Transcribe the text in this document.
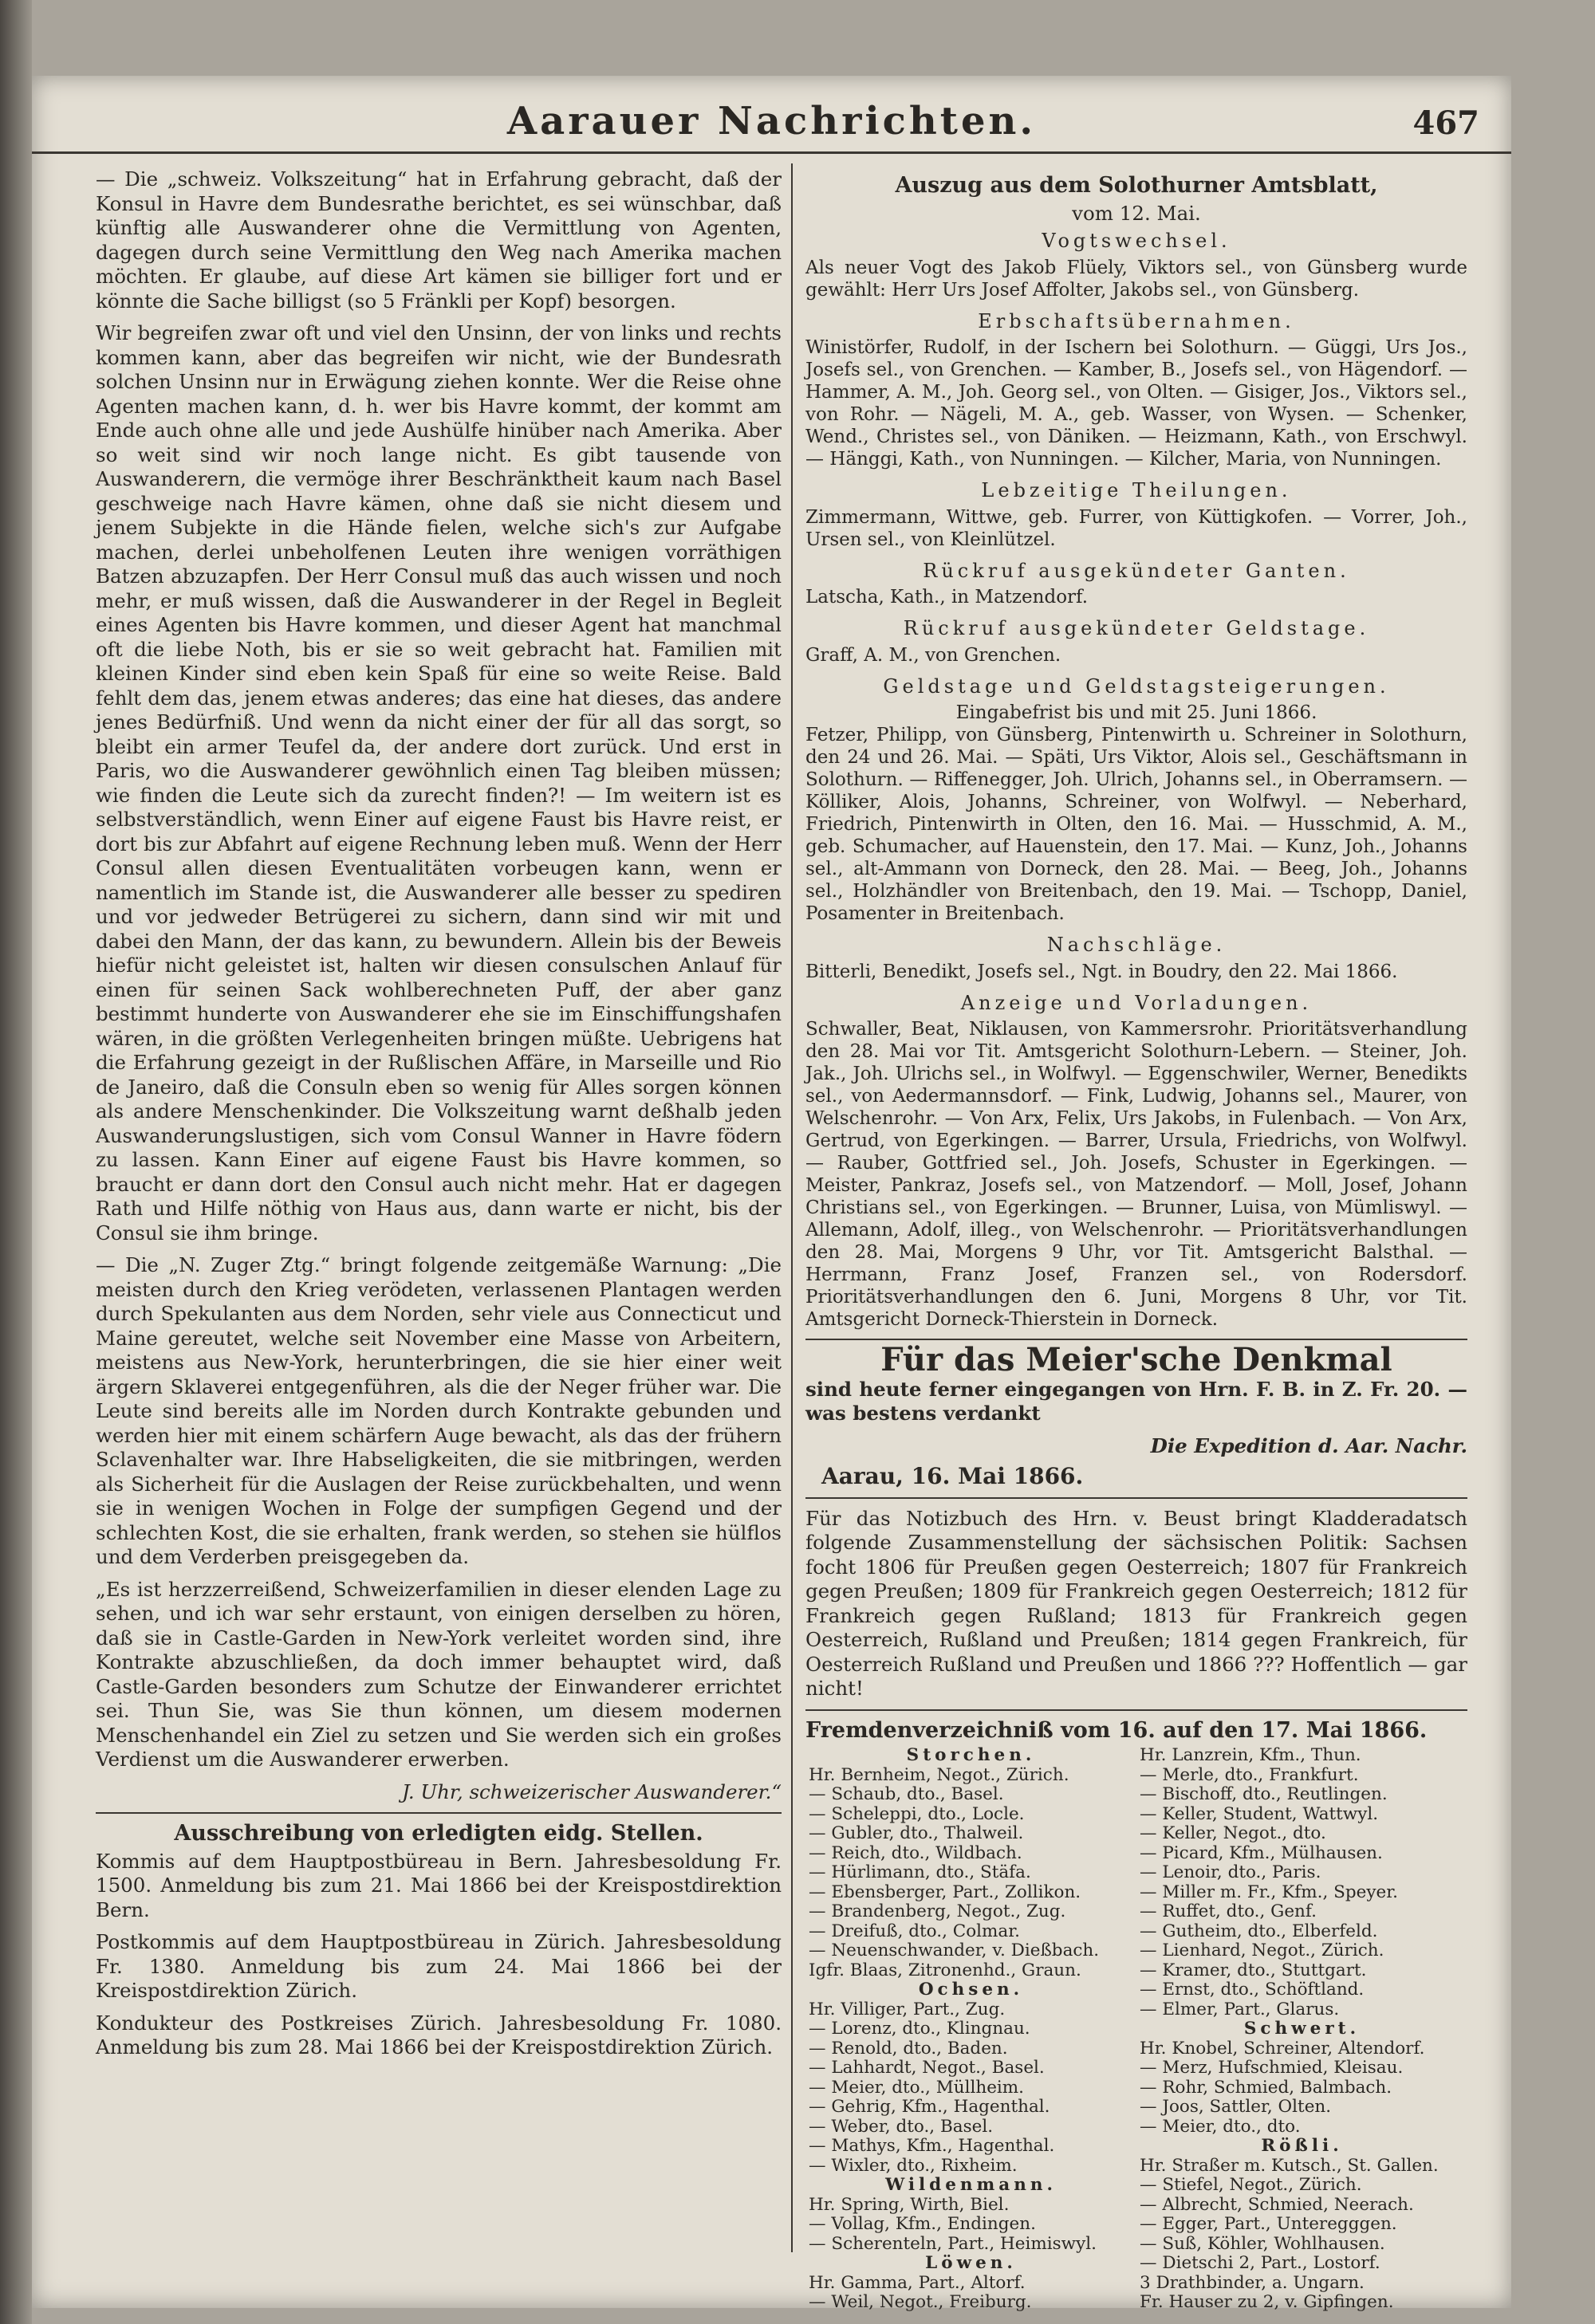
Aarauer Nachrichten.	467

— Die „schweiz. Volkszeitung“ hat in Erfahrung gebracht, daß der Konsul in Havre dem Bundesrathe berichtet, es sei wünschbar, daß künftig alle Auswanderer ohne die Vermittlung von Agenten, dagegen durch seine Vermittlung den Weg nach Amerika machen möchten. Er glaube, auf diese Art kämen sie billiger fort und er könnte die Sache billigst (so 5 Fränkli per Kopf) besorgen.

Wir begreifen zwar oft und viel den Unsinn, der von links und rechts kommen kann, aber das begreifen wir nicht, wie der Bundesrath solchen Unsinn nur in Erwägung ziehen konnte. Wer die Reise ohne Agenten machen kann, d. h. wer bis Havre kommt, der kommt am Ende auch ohne alle und jede Aushülfe hinüber nach Amerika. Aber so weit sind wir noch lange nicht. Es gibt tausende von Auswanderern, die vermöge ihrer Beschränktheit kaum nach Basel geschweige nach Havre kämen, ohne daß sie nicht diesem und jenem Subjekte in die Hände fielen, welche sich's zur Aufgabe machen, derlei unbeholfenen Leuten ihre wenigen vorräthigen Batzen abzuzapfen. Der Herr Consul muß das auch wissen und noch mehr, er muß wissen, daß die Auswanderer in der Regel in Begleit eines Agenten bis Havre kommen, und dieser Agent hat manchmal oft die liebe Noth, bis er sie so weit gebracht hat. Familien mit kleinen Kinder sind eben kein Spaß für eine so weite Reise. Bald fehlt dem das, jenem etwas anderes; das eine hat dieses, das andere jenes Bedürfniß. Und wenn da nicht einer der für all das sorgt, so bleibt ein armer Teufel da, der andere dort zurück. Und erst in Paris, wo die Auswanderer gewöhnlich einen Tag bleiben müssen; wie finden die Leute sich da zurecht finden?! — Im weitern ist es selbstverständlich, wenn Einer auf eigene Faust bis Havre reist, er dort bis zur Abfahrt auf eigene Rechnung leben muß. Wenn der Herr Consul allen diesen Eventualitäten vorbeugen kann, wenn er namentlich im Stande ist, die Auswanderer alle besser zu spediren und vor jedweder Betrügerei zu sichern, dann sind wir mit und dabei den Mann, der das kann, zu bewundern. Allein bis der Beweis hiefür nicht geleistet ist, halten wir diesen consulschen Anlauf für einen für seinen Sack wohlberechneten Puff, der aber ganz bestimmt hunderte von Auswanderer ehe sie im Einschiffungshafen wären, in die größten Verlegenheiten bringen müßte. Uebrigens hat die Erfahrung gezeigt in der Rußlischen Affäre, in Marseille und Rio de Janeiro, daß die Consuln eben so wenig für Alles sorgen können als andere Menschenkinder. Die Volkszeitung warnt deßhalb jeden Auswanderungslustigen, sich vom Consul Wanner in Havre födern zu lassen. Kann Einer auf eigene Faust bis Havre kommen, so braucht er dann dort den Consul auch nicht mehr. Hat er dagegen Rath und Hilfe nöthig von Haus aus, dann warte er nicht, bis der Consul sie ihm bringe.

— Die „N. Zuger Ztg.“ bringt folgende zeitgemäße Warnung: „Die meisten durch den Krieg verödeten, verlassenen Plantagen werden durch Spekulanten aus dem Norden, sehr viele aus Connecticut und Maine gereutet, welche seit November eine Masse von Arbeitern, meistens aus New-York, herunterbringen, die sie hier einer weit ärgern Sklaverei entgegenführen, als die der Neger früher war. Die Leute sind bereits alle im Norden durch Kontrakte gebunden und werden hier mit einem schärfern Auge bewacht, als das der frühern Sclavenhalter war. Ihre Habseligkeiten, die sie mitbringen, werden als Sicherheit für die Auslagen der Reise zurückbehalten, und wenn sie in wenigen Wochen in Folge der sumpfigen Gegend und der schlechten Kost, die sie erhalten, frank werden, so stehen sie hülflos und dem Verderben preisgegeben da.

„Es ist herzzerreißend, Schweizerfamilien in dieser elenden Lage zu sehen, und ich war sehr erstaunt, von einigen derselben zu hören, daß sie in Castle-Garden in New-York verleitet worden sind, ihre Kontrakte abzuschließen, da doch immer behauptet wird, daß Castle-Garden besonders zum Schutze der Einwanderer errichtet sei. Thun Sie, was Sie thun können, um diesem modernen Menschenhandel ein Ziel zu setzen und Sie werden sich ein großes Verdienst um die Auswanderer erwerben.

J. Uhr, schweizerischer Auswanderer.“
Ausschreibung von erledigten eidg. Stellen.

Kommis auf dem Hauptpostbüreau in Bern. Jahresbesoldung Fr. 1500. Anmeldung bis zum 21. Mai 1866 bei der Kreispostdirektion Bern.

Postkommis auf dem Hauptpostbüreau in Zürich. Jahresbesoldung Fr. 1380. Anmeldung bis zum 24. Mai 1866 bei der Kreispostdirektion Zürich.

Kondukteur des Postkreises Zürich. Jahresbesoldung Fr. 1080. Anmeldung bis zum 28. Mai 1866 bei der Kreispostdirektion Zürich.

Auszug aus dem Solothurner Amtsblatt,
vom 12. Mai.
Vogtswechsel.

Als neuer Vogt des Jakob Flüely, Viktors sel., von Günsberg wurde gewählt: Herr Urs Josef Affolter, Jakobs sel., von Günsberg.

Erbschaftsübernahmen.

Winistörfer, Rudolf, in der Ischern bei Solothurn. — Güggi, Urs Jos., Josefs sel., von Grenchen. — Kamber, B., Josefs sel., von Hägendorf. — Hammer, A. M., Joh. Georg sel., von Olten. — Gisiger, Jos., Viktors sel., von Rohr. — Nägeli, M. A., geb. Wasser, von Wysen. — Schenker, Wend., Christes sel., von Däniken. — Heizmann, Kath., von Erschwyl. — Hänggi, Kath., von Nunningen. — Kilcher, Maria, von Nunningen.

Lebzeitige Theilungen.

Zimmermann, Wittwe, geb. Furrer, von Küttigkofen. — Vorrer, Joh., Ursen sel., von Kleinlützel.

Rückruf ausgekündeter Ganten.

Latscha, Kath., in Matzendorf.

Rückruf ausgekündeter Geldstage.

Graff, A. M., von Grenchen.

Geldstage und Geldstagsteigerungen.
Eingabefrist bis und mit 25. Juni 1866.

Fetzer, Philipp, von Günsberg, Pintenwirth u. Schreiner in Solothurn, den 24 und 26. Mai. — Späti, Urs Viktor, Alois sel., Geschäftsmann in Solothurn. — Riffenegger, Joh. Ulrich, Johanns sel., in Oberramsern. — Kölliker, Alois, Johanns, Schreiner, von Wolfwyl. — Neberhard, Friedrich, Pintenwirth in Olten, den 16. Mai. — Husschmid, A. M., geb. Schumacher, auf Hauenstein, den 17. Mai. — Kunz, Joh., Johanns sel., alt-Ammann von Dorneck, den 28. Mai. — Beeg, Joh., Johanns sel., Holzhändler von Breitenbach, den 19. Mai. — Tschopp, Daniel, Posamenter in Breitenbach.

Nachschläge.

Bitterli, Benedikt, Josefs sel., Ngt. in Boudry, den 22. Mai 1866.

Anzeige und Vorladungen.

Schwaller, Beat, Niklausen, von Kammersrohr. Prioritätsverhandlung den 28. Mai vor Tit. Amtsgericht Solothurn-Lebern. — Steiner, Joh. Jak., Joh. Ulrichs sel., in Wolfwyl. — Eggenschwiler, Werner, Benedikts sel., von Aedermannsdorf. — Fink, Ludwig, Johanns sel., Maurer, von Welschenrohr. — Von Arx, Felix, Urs Jakobs, in Fulenbach. — Von Arx, Gertrud, von Egerkingen. — Barrer, Ursula, Friedrichs, von Wolfwyl. — Rauber, Gottfried sel., Joh. Josefs, Schuster in Egerkingen. — Meister, Pankraz, Josefs sel., von Matzendorf. — Moll, Josef, Johann Christians sel., von Egerkingen. — Brunner, Luisa, von Mümliswyl. — Allemann, Adolf, illeg., von Welschenrohr. — Prioritätsverhandlungen den 28. Mai, Morgens 9 Uhr, vor Tit. Amtsgericht Balsthal. — Herrmann, Franz Josef, Franzen sel., von Rodersdorf. Prioritätsverhandlungen den 6. Juni, Morgens 8 Uhr, vor Tit. Amtsgericht Dorneck-Thierstein in Dorneck.

Für das Meier'sche Denkmal

sind heute ferner eingegangen von Hrn. F. B. in Z. Fr. 20. — was bestens verdankt

Die Expedition d. Aar. Nachr.
Aarau, 16. Mai 1866.

Für das Notizbuch des Hrn. v. Beust bringt Kladderadatsch folgende Zusammenstellung der sächsischen Politik: Sachsen focht 1806 für Preußen gegen Oesterreich; 1807 für Frankreich gegen Preußen; 1809 für Frankreich gegen Oesterreich; 1812 für Frankreich gegen Rußland; 1813 für Frankreich gegen Oesterreich, Rußland und Preußen; 1814 gegen Frankreich, für Oesterreich Rußland und Preußen und 1866 ??? Hoffentlich — gar nicht!

Fremdenverzeichniß vom 16. auf den 17. Mai 1866.
Storchen.
Hr. Bernheim, Negot., Zürich.
— Schaub, dto., Basel.
— Scheleppi, dto., Locle.
— Gubler, dto., Thalweil.
— Reich, dto., Wildbach.
— Hürlimann, dto., Stäfa.
— Ebensberger, Part., Zollikon.
— Brandenberg, Negot., Zug.
— Dreifuß, dto., Colmar.
— Neuenschwander, v. Dießbach.
Igfr. Blaas, Zitronenhd., Graun.
Ochsen.
Hr. Villiger, Part., Zug.
— Lorenz, dto., Klingnau.
— Renold, dto., Baden.
— Lahhardt, Negot., Basel.
— Meier, dto., Müllheim.
— Gehrig, Kfm., Hagenthal.
— Weber, dto., Basel.
— Mathys, Kfm., Hagenthal.
— Wixler, dto., Rixheim.
Wildenmann.
Hr. Spring, Wirth, Biel.
— Vollag, Kfm., Endingen.
— Scherenteln, Part., Heimiswyl.
Löwen.
Hr. Gamma, Part., Altorf.
— Weil, Negot., Freiburg.

Hr. Lanzrein, Kfm., Thun.
— Merle, dto., Frankfurt.
— Bischoff, dto., Reutlingen.
— Keller, Student, Wattwyl.
— Keller, Negot., dto.
— Picard, Kfm., Mülhausen.
— Lenoir, dto., Paris.
— Miller m. Fr., Kfm., Speyer.
— Ruffet, dto., Genf.
— Gutheim, dto., Elberfeld.
— Lienhard, Negot., Zürich.
— Kramer, dto., Stuttgart.
— Ernst, dto., Schöftland.
— Elmer, Part., Glarus.
Schwert.
Hr. Knobel, Schreiner, Altendorf.
— Merz, Hufschmied, Kleisau.
— Rohr, Schmied, Balmbach.
— Joos, Sattler, Olten.
— Meier, dto., dto.
Rößli.
Hr. Straßer m. Kutsch., St. Gallen.
— Stiefel, Negot., Zürich.
— Albrecht, Schmied, Neerach.
— Egger, Part., Unteregggen.
— Suß, Köhler, Wohlhausen.
— Dietschi 2, Part., Lostorf.
3 Drathbinder, a. Ungarn.
Fr. Hauser zu 2, v. Gipfingen.
